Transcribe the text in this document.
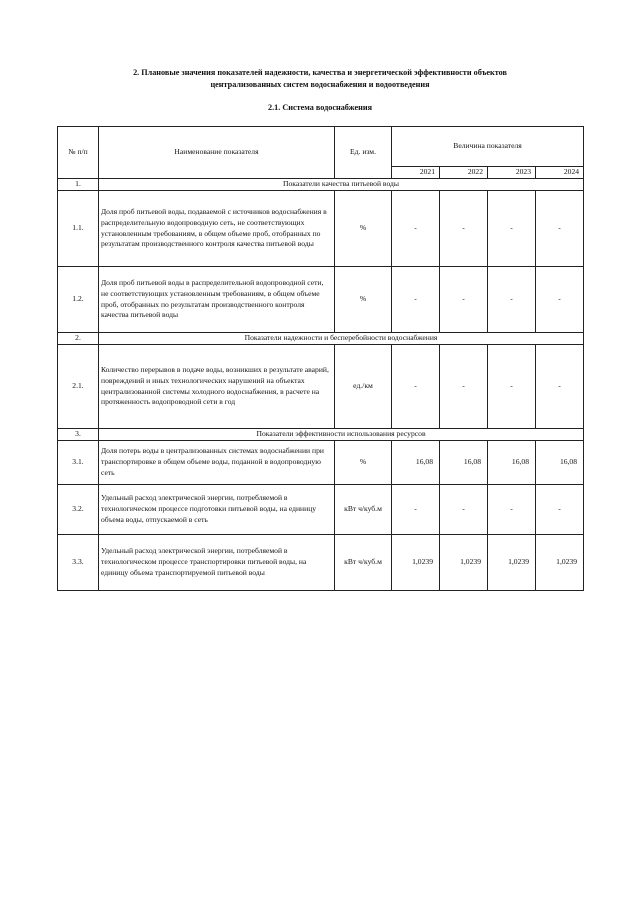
2. Плановые значения показателей надежности, качества и энергетической эффективности объектов
централизованных систем водоснабжения и водоотведения
2.1. Система водоснабжения
№ п/п	Наименование показателя	Ед. изм.	Величина показателя			
			2021	2022	2023	2024
1.	Показатели качества питьевой воды					
1.1.	Доля проб питьевой воды, подаваемой с источников водоснабжения в распределительную водопроводную сеть, не соответствующих установленным требованиям, в общем объеме проб, отобранных по результатам производственного контроля качества питьевой воды	%	-	-	-	-
1.2.	Доля проб питьевой воды в распределительной водопроводной сети, не соответствующих установленным требованиям, в общем объеме проб, отобранных по результатам производственного контроля качества питьевой воды	%	-	-	-	-
2.	Показатели надежности и бесперебойности водоснабжения					
2.1.	Количество перерывов в подаче воды, возникших в результате аварий, повреждений и иных технологических нарушений на объектах централизованной системы холодного водоснабжения, в расчете на протяженность водопроводной сети в год	ед./км	-	-	-	-
3.	Показатели эффективности использования ресурсов					
3.1.	Доля потерь воды в централизованных системах водоснабжении при транспортировке в общем объеме воды, поданной в водопроводную сеть	%	16,08	16,08	16,08	16,08
3.2.	Удельный расход электрической энергии, потребляемой в технологическом процессе подготовки питьевой воды, на единицу объема воды, отпускаемой в сеть	кВт ч/куб.м	-	-	-	-
3.3.	Удельный расход электрической энергии, потребляемой в технологическом процессе транспортировки питьевой воды, на единицу объема транспортируемой питьевой воды	кВт ч/куб.м	1,0239	1,0239	1,0239	1,0239
